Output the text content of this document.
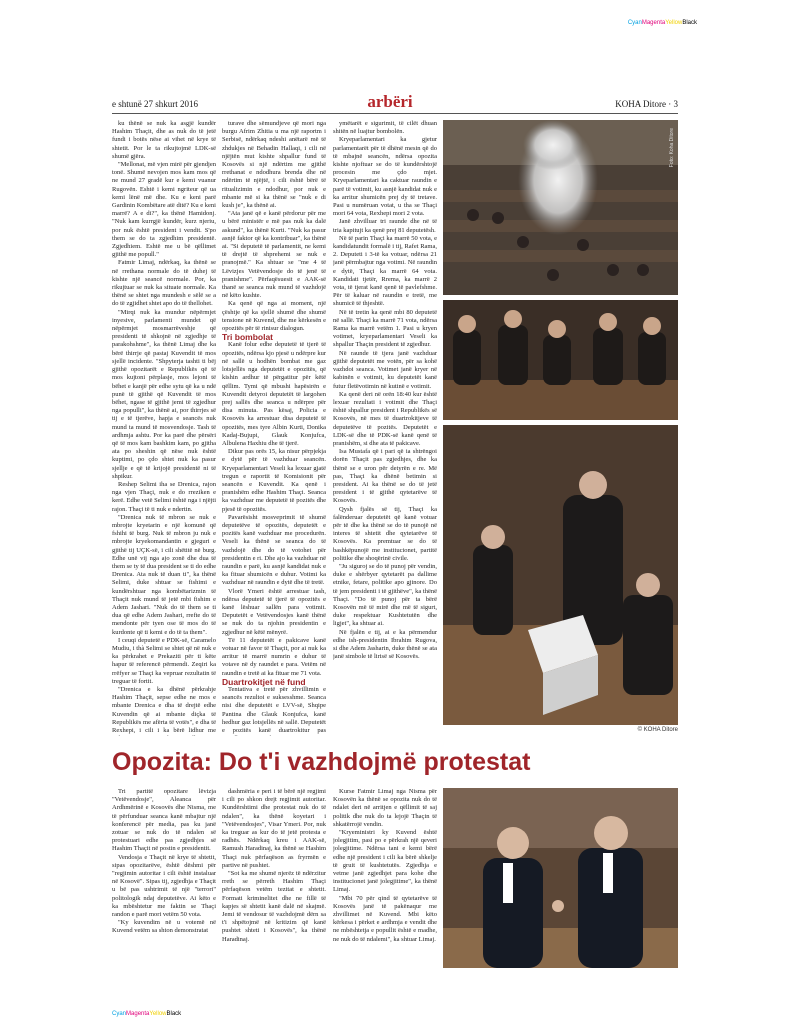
CyanMagentaYellowBlack
CyanMagentaYellowBlack
e shtunë 27 shkurt 2016	arbëri	KOHA Ditore · 3

ku thënë se nuk ka asgjë kundër Hashim Thaçit, dhe as nuk do të jetë fundi i botës nëse ai vihet në krye të shtetit. Por le ta rikujtojmë LDK-së shumë gjëra.

"Mellonat, më vjen mirë për gjendjen tonë. Shumë nevojen mos kam mos që ne mund 27 gradë kur e kemi vuanur Rugovën. Eshtë i kemi ngriteur që ua kemi lënë më dhe. Ku e keni parë Gardinin Kombëtare atë ditë? Ku e keni marrë? A e di?", ka thënë Hamidonj. "Nuk kam kurrgjë kundër, kurz njeriu, por nuk është president i vendit. S'po them se do ta zgjedhim presidentë. Zgjedhiem. Eshtë me u bë qëllimet gjithë me popull."

Fatmir Limaj, ndërkaq, ka thënë se në rrethana normale do të duhej të kishte një seancë normale. Por, ka rikujtuar se nuk ka situate normale. Ka thënë se shtet nga mundesh e sëlë se a do të zgjidhet shtet apo do të thellohet.

"Mirqi nuk ka mundur nëpërmjet inyesive, parlamenti mundet që nëpërmjet mosmarrëveshje që presidenti të shkojnë në zgjedhje të parakohshme", ka thënë Limaj dhe ka bërë thirrje që pastaj Kuvendit të mos sjellë incidente. "Shpyterja tashti ti bëj gjithë opozitarët e Republikës që të mos kujtoni përplasje, mos lejoni të bëhet e kanjë për edhe sytu që ka u ndë punë të gjithë që Kuvendit të mos bëhet, ngase të gjithë jemi të zgjedhur nga populli", ka thënë ai, por thirrjes së tij e të tjerëve, hapja e seancës nuk mund ta mund të mosvendosje. Tash të ardhmja ashtu. Por ka parë dhe përsëri që të mos kam bashkim kam, po gjitha ata po sheshin që nëse nuk është kuptimi, po çdo shtet nuk ka pasur sjellje e që të krijojë presidentë ni të shpikur.

Reshep Selimi iha se Drenica, rajon nga vjen Thaçi, nuk e do rreziken e kerë. Edhe vetë Selimi është nga i njëjti rajon. Thaçi të ti nuk e ndertin.

"Drenica nuk të mbron se nuk e mbrojte kryetarin e një komunë që fshihi të burg. Nuk të mbron ju nuk e mbrojte kryekomandantin e gjeguri e gjithë tij UÇK-së, i cili shëtitë në burg. Edhe unë vij nga ajo zonë dhe dua të them se ty të dua president se ti do edhe Drenica. Ata nuk të duan ti", ka thënë Selimi, duke shtuar se fishimi e kundërshtuar nga kombëtarizmin të Thaçit nuk mund të jetë mbi fishim e Adem Jashari. "Nuk do të them se ti dua që edhe Adem Jashari, rrefte do të mendonte për tyen ose të mos do të kurdonte që ti kemi e do të ta them".

I ceuqi deputetë e PDK-së, Caramelo Mudiu, i thà Selimi se shtet që në nuk e ka përkrahet e Prekaziti për ti këte hapur të referencë përmendi. Zeqiri ka rrëfyer se Thaçi ka vepruar rezultatin të treguar të fortit.

"Drenica e ka dhënë përkrahje Hashim Thaçit, sepse edhe ne mos e mbante Drenica e dha të drejtë edhe Kuvendin që ai mbante diçka të Republikës me afërta të votës", e dha të Rexhepi, i cili i ka bërë lidhur me

turave dhe sëmundjeve që mori nga burgu Afrim Zhitia u ma një raportm i Serbisë, ndërkaq ndeshi anëtarë më të zhdukjes në Behadin Hallaqi, i cili në njëjtën mut kishte shpallur fund të Kosovës si një ndërtim me gjithë rrethanat e ndodhura brenda dhe në ndërtim të njëjtë, i cili është bërë të ritualizimin e ndodhur, por nuk e mbante më si ka thënë se "nuk e di kush je", ka thënë ai.

"Ata janë që e kanë përdorur për me u bërë ministër e më pas nuk ka dalë askund", ka thënë Kurti. "Nuk ka pasur asnjë faktor që ka kontribuar", ka thënë ai. "Si deputetë të parlamentit, ne kemi të drejtë të shprehemi se nuk e pranojmë." Ka shtuar se "me 4 të Lëvizjes Vetëvendosje do të jenë të pranishme". Përfaqësuesit e AAK-së thanë se seanca nuk mund të vazhdojë në këto kushte.

Ka qenë që nga ai moment, një çështje që ka sjellë shumë dhe shumë tensione në Kuvend, dhe me kërkesën e opozitës për të rinisur dialogun.

Tri bombolat

Kanë folur edhe deputetë të tjerë të opozitës, ndërsa kjo pjesë u ndërpre kur në sallë u hodhën bombat me gaz lotsjellës nga deputetët e opozitës, që kishin ardhur të përgatitur për këtë qëllim. Tymi që mbushi hapësirën e Kuvendit detyroi deputetët të largohen prej sallës dhe seanca u ndërpre për disa minuta. Pas kësaj, Policia e Kosovës ka arrestuar disa deputetë të opozitës, mes tyre Albin Kurti, Donika Kadaj-Bujupi, Glauk Konjufca, Albulena Haxhiu dhe të tjerë.

Dikur pas orës 15, ka nisur përpjekja e dytë për të vazhduar seancën. Kryeparlamentari Veseli ka lexuar gjatë tregun e raportit të Komisionit për seancën e Kuvendit. Ka qenë i pranishëm edhe Hashim Thaçi. Seanca ka vazhduar me deputetë të pozitës dhe pjesë të opozitës.

Pavarësisht mosveprimit të shumë deputetëve të opozitës, deputetët e pozitës kanë vazhduar me procedurën. Veseli ka thënë se seanca do të vazhdojë dhe do të votohet për presidentin e ri. Dhe ajo ka vazhduar në raundin e parë, ku asnjë kandidat nuk e ka fituar shumicën e duhur. Votimi ka vazhduar në raundin e dytë dhe të tretë.

Vlorë Ymeri është arrestuar tash, ndërsa deputetë të tjerë të opozitës e kanë lëshuar sallën para votimit. Deputetët e Vetëvendosjes kanë thënë se nuk do ta njohin presidentin e zgjedhur në këtë mënyrë.

Të 11 deputetët e pakicave kanë votuar në favor të Thaçit, por ai nuk ka arritur të marrë numrin e duhur të votave në dy raundet e para. Vetëm në raundin e tretë ai ka fituar me 71 vota.

Duartrokitjet në fund

Tentativa e tretë për zhvillimin e seancës rezultoi e suksesshme. Seanca nisi dhe deputetët e LVV-së, Shqipe Pantina dhe Glauk Konjufca, kanë hedhur gaz lotsjellës në sallë. Deputetët e pozitës kanë duartrokitur pas

ymëtarët e sigurimit, të cilët dhuan shitën në luajtur bombolën.

Kryeparlamentari ka gjetur parlamentarët për të dhënë mesin që do të mbajnë seancën, ndërsa opozita kishte njoftuar se do të kundërshtojë procesin me çdo mjet. Kryeparlamentari ka caktuar raundin e parë të votimit, ku asnjë kandidat nuk e ka arritur shumicën prej dy të tretave. Pasi u numëruan votat, u tha se Thaçi mori 64 vota, Rexhepi mori 2 vota.

Janë zhvilluar tri raunde dhe në të tria kapitujt ka qenë prej 81 deputetësh.

Në të parin Thaçi ka marrë 50 vota, e kandidatundit formalë i tij, Rafet Rama, 2. Deputeti i 3-të ka votuar, ndërsa 21 janë përmbajtur nga votimi. Në raundin e dytë, Thaçi ka marrë 64 vota. Kandidati tjetër, Rrema, ka marrë 2 vota, të tjerat kanë qenë të pavlefshme. Për të kaluar në raundin e tretë, me shumicë të thjeshtë.

Në të tretin ka qenë mbi 80 deputetë në sallë. Thaçi ka marrë 71 vota, ndërsa Rama ka marrë vetëm 1. Pasi u kryen votimet, kryeparlamentari Veseli ka shpallur Thaçin president të zgjedhur.

Në raunde të tjera janë vazhduar gjithë deputetët me votën, për sa kohë vazhdoi seanca. Votimet janë kryer në kabinën e votimit, ku deputetët kanë futur fletëvotimin në kutinë e votimit.

Ka qenë deri në orën 18:40 kur është lexuar rezultati i votimit dhe Thaçi është shpallur president i Republikës së Kosovës, në mes të duartrokitjeve të deputetëve të pozitës. Deputetët e LDK-së dhe të PDK-së kanë qenë të pranishëm, si dhe ata të pakicave.

Isa Mustafa që i pari që ia shtrëngoi dorën Thaçit pas zgjedhjes, dhe ka thënë se e uron për detyrën e re. Më pas, Thaçi ka dhënë betimin si president. Ai ka thënë se do të jetë president i të gjithë qytetarëve të Kosovës.

Qysh fjalës së tij, Thaçi ka falënderuar deputetët që kanë votuar për të dhe ka thënë se do të punojë në interes të shtetit dhe qytetarëve të Kosovës. Ka premtuar se do të bashkëpunojë me institucionet, partitë politike dhe shoqërinë civile.

"Ju siguroj se do të punoj për vendin, duke e shërbyer qytetarët pa dallime etnike, fetare, politike apo gjinore. Do të jem presidenti i të gjithëve", ka thënë Thaçi. "Do të punoj për ta bërë Kosovën më të mirë dhe më të sigurt, duke respektuar Kushtetutën dhe ligjet", ka shtuar ai.

Në fjalën e tij, ai e ka përmendur edhe ish-presidentin Ibrahim Rugova, si dhe Adem Jasharin, duke thënë se ata janë simbole të lirisë së Kosovës.

Foto: Koha Ditore
© KOHA Ditore
Opozita: Do t'i vazhdojmë protestat

Tri partitë opozitare lëvizja "Vetëvendosje", Aleanca për Ardhmërinë e Kosovës dhe Nisma, me të përfunduar seanca kanë mbajtur një konferencë për media, pas ku janë zotuar se nuk do të ndalen së protestuari edhe pas zgjedhjes së Hashim Thaçit në postin e presidentit.

Vendosja e Thaçit në krye të shtetit, sipas opozitarëve, është dëshmi për "regjimin autoritar i cili është instaluar në Kosovë". Sipas tij, zgjedhja e Thaçit u bë pas ushtrimit të një "terrori" politologik ndaj deputetëve. Ai këto e ka mbështetur me faktin se Thaçi randon e parë mori vetëm 50 vota.

"Ky kuvendim në u votemë në Kuvend vetëm sa shton demonstratat

dashmëria e peri i të bërë një regjimi i cili po shkon drejt regjimit autoritar. Kundërshtimi dhe protestat nuk do të ndalen", ka thënë koyetari i "Vetëvendosjes", Visar Ymeri. Por, nuk ka treguar as kur do të jetë protesta e radhës. Ndërkaq kreu i AAK-së, Ramush Haradinaj, ka thënë se Hashim Thaçi nuk përfaqëson as fryrmën e partive në pushtet.

"Sot ka me shumë njerëz të ndërzitur rreth se përreth Hashim Thaçi përfaqëson vetëm tezitat e shtetit. Formati kriminelitet dhe ne fillë të kapjes së shtetit kanë dalë në skajmë. Jemi të vendosur të vazhdojmë dërn sa t'i shpëtojmë në kritizim që kanë pushtet shteti i Kosovës", ka thënë Haradinaj.

Kurse Fatmir Limaj nga Nisma për Kosovën ka thënë se opozita nuk do të ndalet deri në arritjen e qëllimit të saj politik dhe nuk do ta lejojë Thaçin të shkatërrojë vendin.

"Kryeministri ky Kuvend është jolegjitim, pasi po e përkrah një qeveri jolegjitime. Ndërsa tani e kemi bërë edhe një president i cili ka bërë shkelje të gruit të kushtetutës. Zgjedhja e vetme janë zgjedhjet para kohe dhe institucionet janë jolegjitime", ka thënë Limaj.

"Mbi 70 për qind të qytetarëve të Kosovës janë të pakënaqur me zhvillimet në Kuvend. Mbi këto kërkesa i përket e ardhmja e vendit dhe ne mbështetja e popullit është e madhe, ne nuk do të ndalemi", ka shtuar Limaj.
